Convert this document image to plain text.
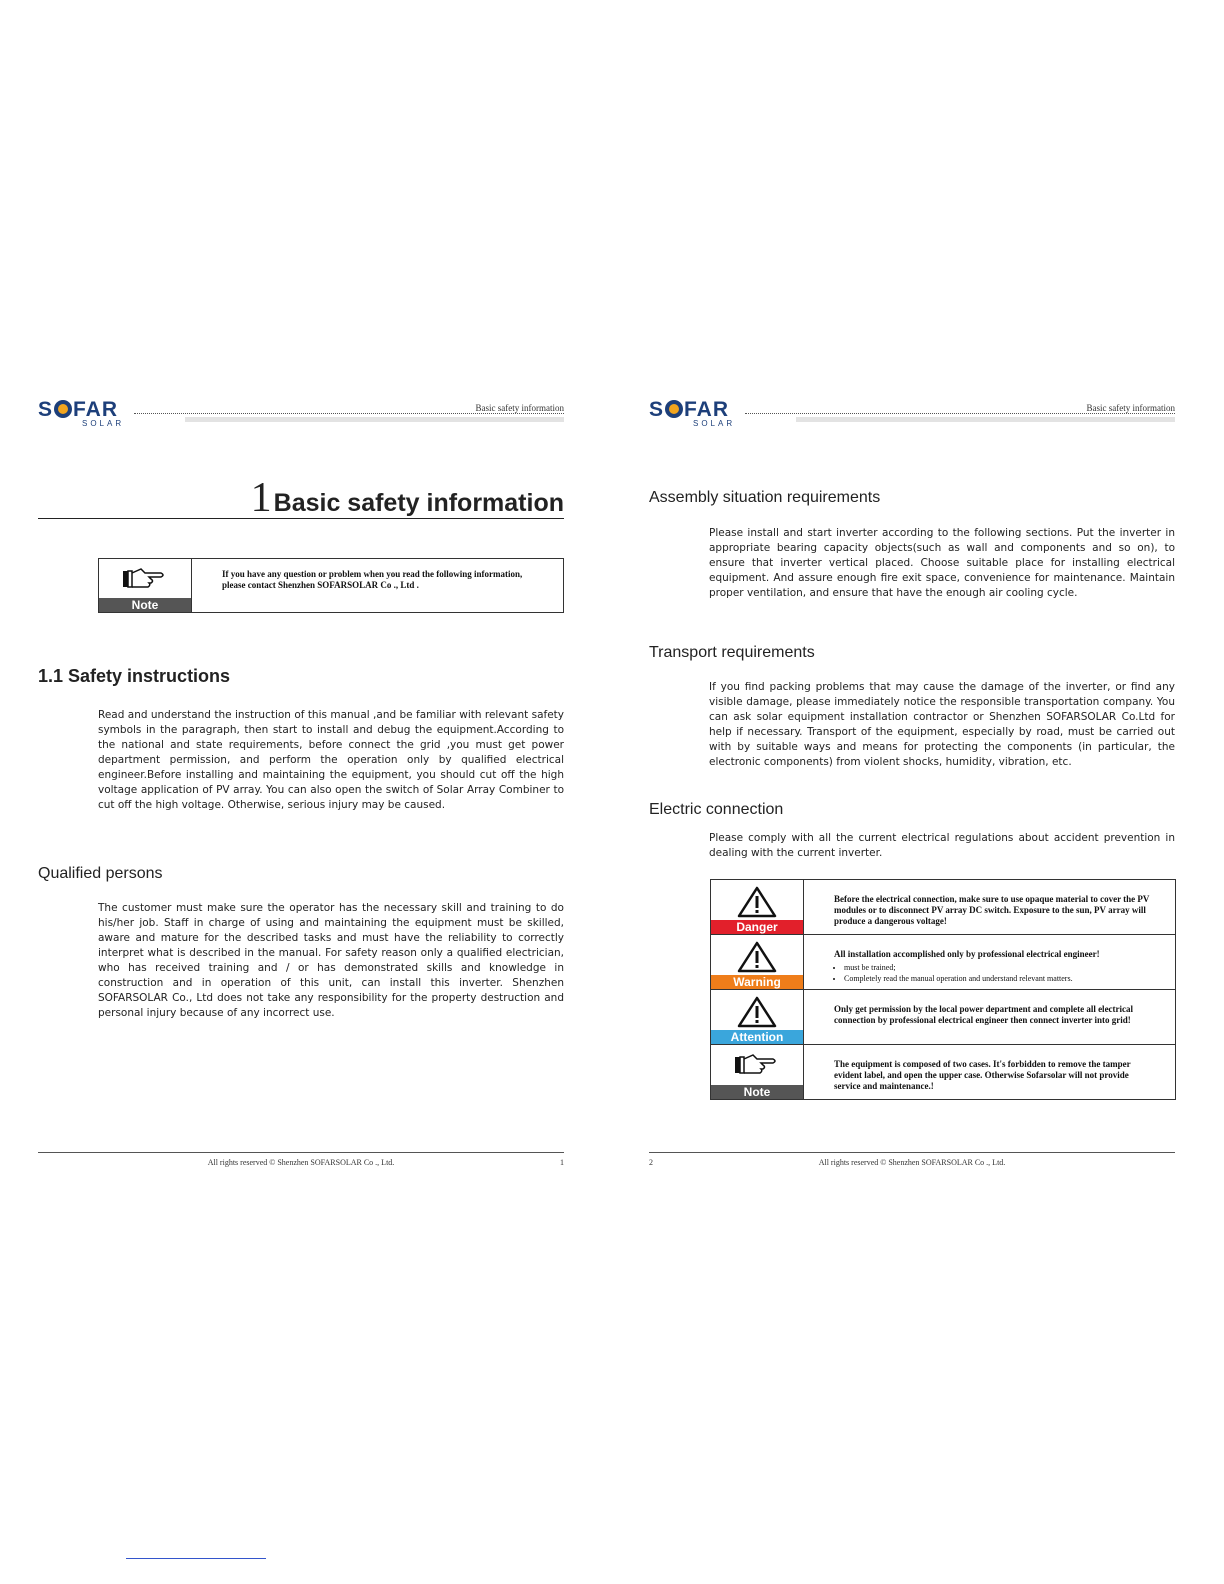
S FAR
SOLAR
Basic safety information
1 Basic safety information
Note
If you have any question or problem when you read the following information, please contact Shenzhen SOFARSOLAR Co ., Ltd .
1.1 Safety instructions

Read and understand the instruction of this manual ,and be familiar with relevant safety symbols in the paragraph, then start to install and debug the equipment.According to the national and state requirements, before connect the grid ,you must get power department permission, and perform the operation only by qualified electrical engineer.Before installing and maintaining the equipment, you should cut off the high voltage application of PV array. You can also open the switch of Solar Array Combiner to cut off the high voltage. Otherwise, serious injury may be caused.

Qualified persons

The customer must make sure the operator has the necessary skill and training to do his/her job. Staff in charge of using and maintaining the equipment must be skilled, aware and mature for the described tasks and must have the reliability to correctly interpret what is described in the manual. For safety reason only a qualified electrician, who has received training and / or has demonstrated skills and knowledge in construction and in operation of this unit, can install this inverter. Shenzhen SOFARSOLAR Co., Ltd does not take any responsibility for the property destruction and personal injury because of any incorrect use.

All rights reserved © Shenzhen SOFARSOLAR Co ., Ltd.	1
S FAR
SOLAR
Basic safety information
Assembly situation requirements

Please install and start inverter according to the following sections. Put the inverter in appropriate bearing capacity objects(such as wall and components and so on), to ensure that inverter vertical placed. Choose suitable place for installing electrical equipment. And assure enough fire exit space, convenience for maintenance. Maintain proper ventilation, and ensure that have the enough air cooling cycle.

Transport requirements

If you find packing problems that may cause the damage of the inverter, or find any visible damage, please immediately notice the responsible transportation company. You can ask solar equipment installation contractor or Shenzhen SOFARSOLAR Co.Ltd for help if necessary. Transport of the equipment, especially by road, must be carried out with by suitable ways and means for protecting the components (in particular, the electronic components) from violent shocks, humidity, vibration, etc.

Electric connection

Please comply with all the current electrical regulations about accident prevention in dealing with the current inverter.

Danger
Before the electrical connection, make sure to use opaque material to cover the PV modules or to disconnect PV array DC switch. Exposure to the sun, PV array will produce a dangerous voltage!
Warning
All installation accomplished only by professional electrical engineer!
• must be trained;
• Completely read the manual operation and understand relevant matters.
Attention
Only get permission by the local power department and complete all electrical connection by professional electrical engineer then connect inverter into grid!
Note
The equipment is composed of two cases. It's forbidden to remove the tamper evident label, and open the upper case. Otherwise Sofarsolar will not provide service and maintenance.!
2	All rights reserved © Shenzhen SOFARSOLAR Co ., Ltd.
